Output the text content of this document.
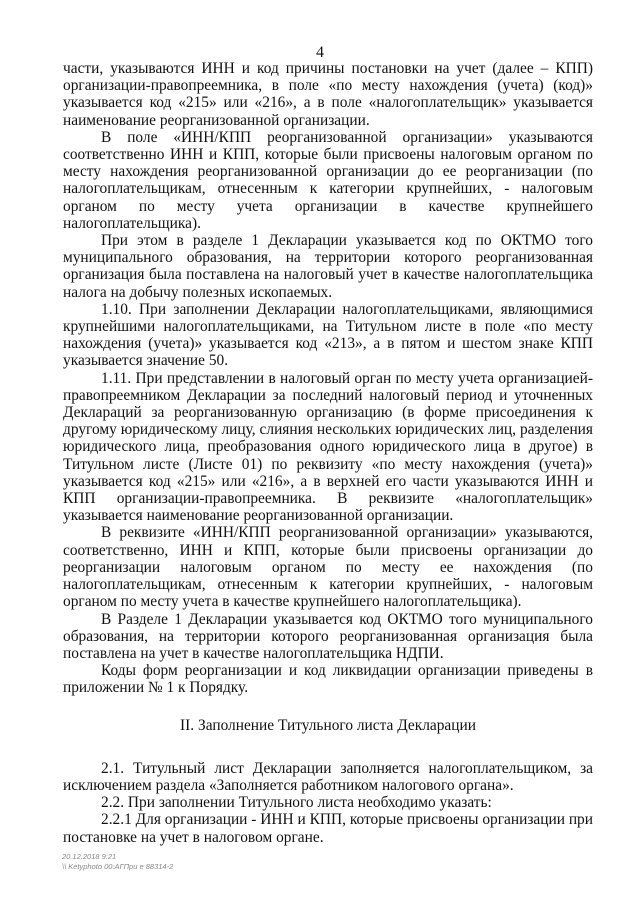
4

части, указываются ИНН и код причины постановки на учет (далее – КПП) организации-правопреемника, в поле «по месту нахождения (учета) (код)» указывается код «215» или «216», а в поле «налогоплательщик» указывается наименование реорганизованной организации.

В поле «ИНН/КПП реорганизованной организации» указываются соответственно ИНН и КПП, которые были присвоены налоговым органом по месту нахождения реорганизованной организации до ее реорганизации (по налогоплательщикам, отнесенным к категории крупнейших, - налоговым органом по месту учета организации в качестве крупнейшего налогоплательщика).

При этом в разделе 1 Декларации указывается код по ОКТМО того муниципального образования, на территории которого реорганизованная организация была поставлена на налоговый учет в качестве налогоплательщика налога на добычу полезных ископаемых.

1.10. При заполнении Декларации налогоплательщиками, являющимися крупнейшими налогоплательщиками, на Титульном листе в поле «по месту нахождения (учета)» указывается код «213», а в пятом и шестом знаке КПП указывается значение 50.

1.11. При представлении в налоговый орган по месту учета организацией-правопреемником Декларации за последний налоговый период и уточненных Деклараций за реорганизованную организацию (в форме присоединения к другому юридическому лицу, слияния нескольких юридических лиц, разделения юридического лица, преобразования одного юридического лица в другое) в Титульном листе (Листе 01) по реквизиту «по месту нахождения (учета)» указывается код «215» или «216», а в верхней его части указываются ИНН и КПП организации-правопреемника. В реквизите «налогоплательщик» указывается наименование реорганизованной организации.

В реквизите «ИНН/КПП реорганизованной организации» указываются, соответственно, ИНН и КПП, которые были присвоены организации до реорганизации налоговым органом по месту ее нахождения (по налогоплательщикам, отнесенным к категории крупнейших, - налоговым органом по месту учета в качестве крупнейшего налогоплательщика).

В Разделе 1 Декларации указывается код ОКТМО того муниципального образования, на территории которого реорганизованная организация была поставлена на учет в качестве налогоплательщика НДПИ.

Коды форм реорганизации и код ликвидации организации приведены в приложении № 1 к Порядку.

II. Заполнение Титульного листа Декларации

2.1. Титульный лист Декларации заполняется налогоплательщиком, за исключением раздела «Заполняется работником налогового органа».

2.2. При заполнении Титульного листа необходимо указать:

2.2.1 Для организации - ИНН и КПП, которые присвоены организации при постановке на учет в налоговом органе.

20.12.2018 9:21
\\ Ketyphoto 00:АГПри е 88314-2
